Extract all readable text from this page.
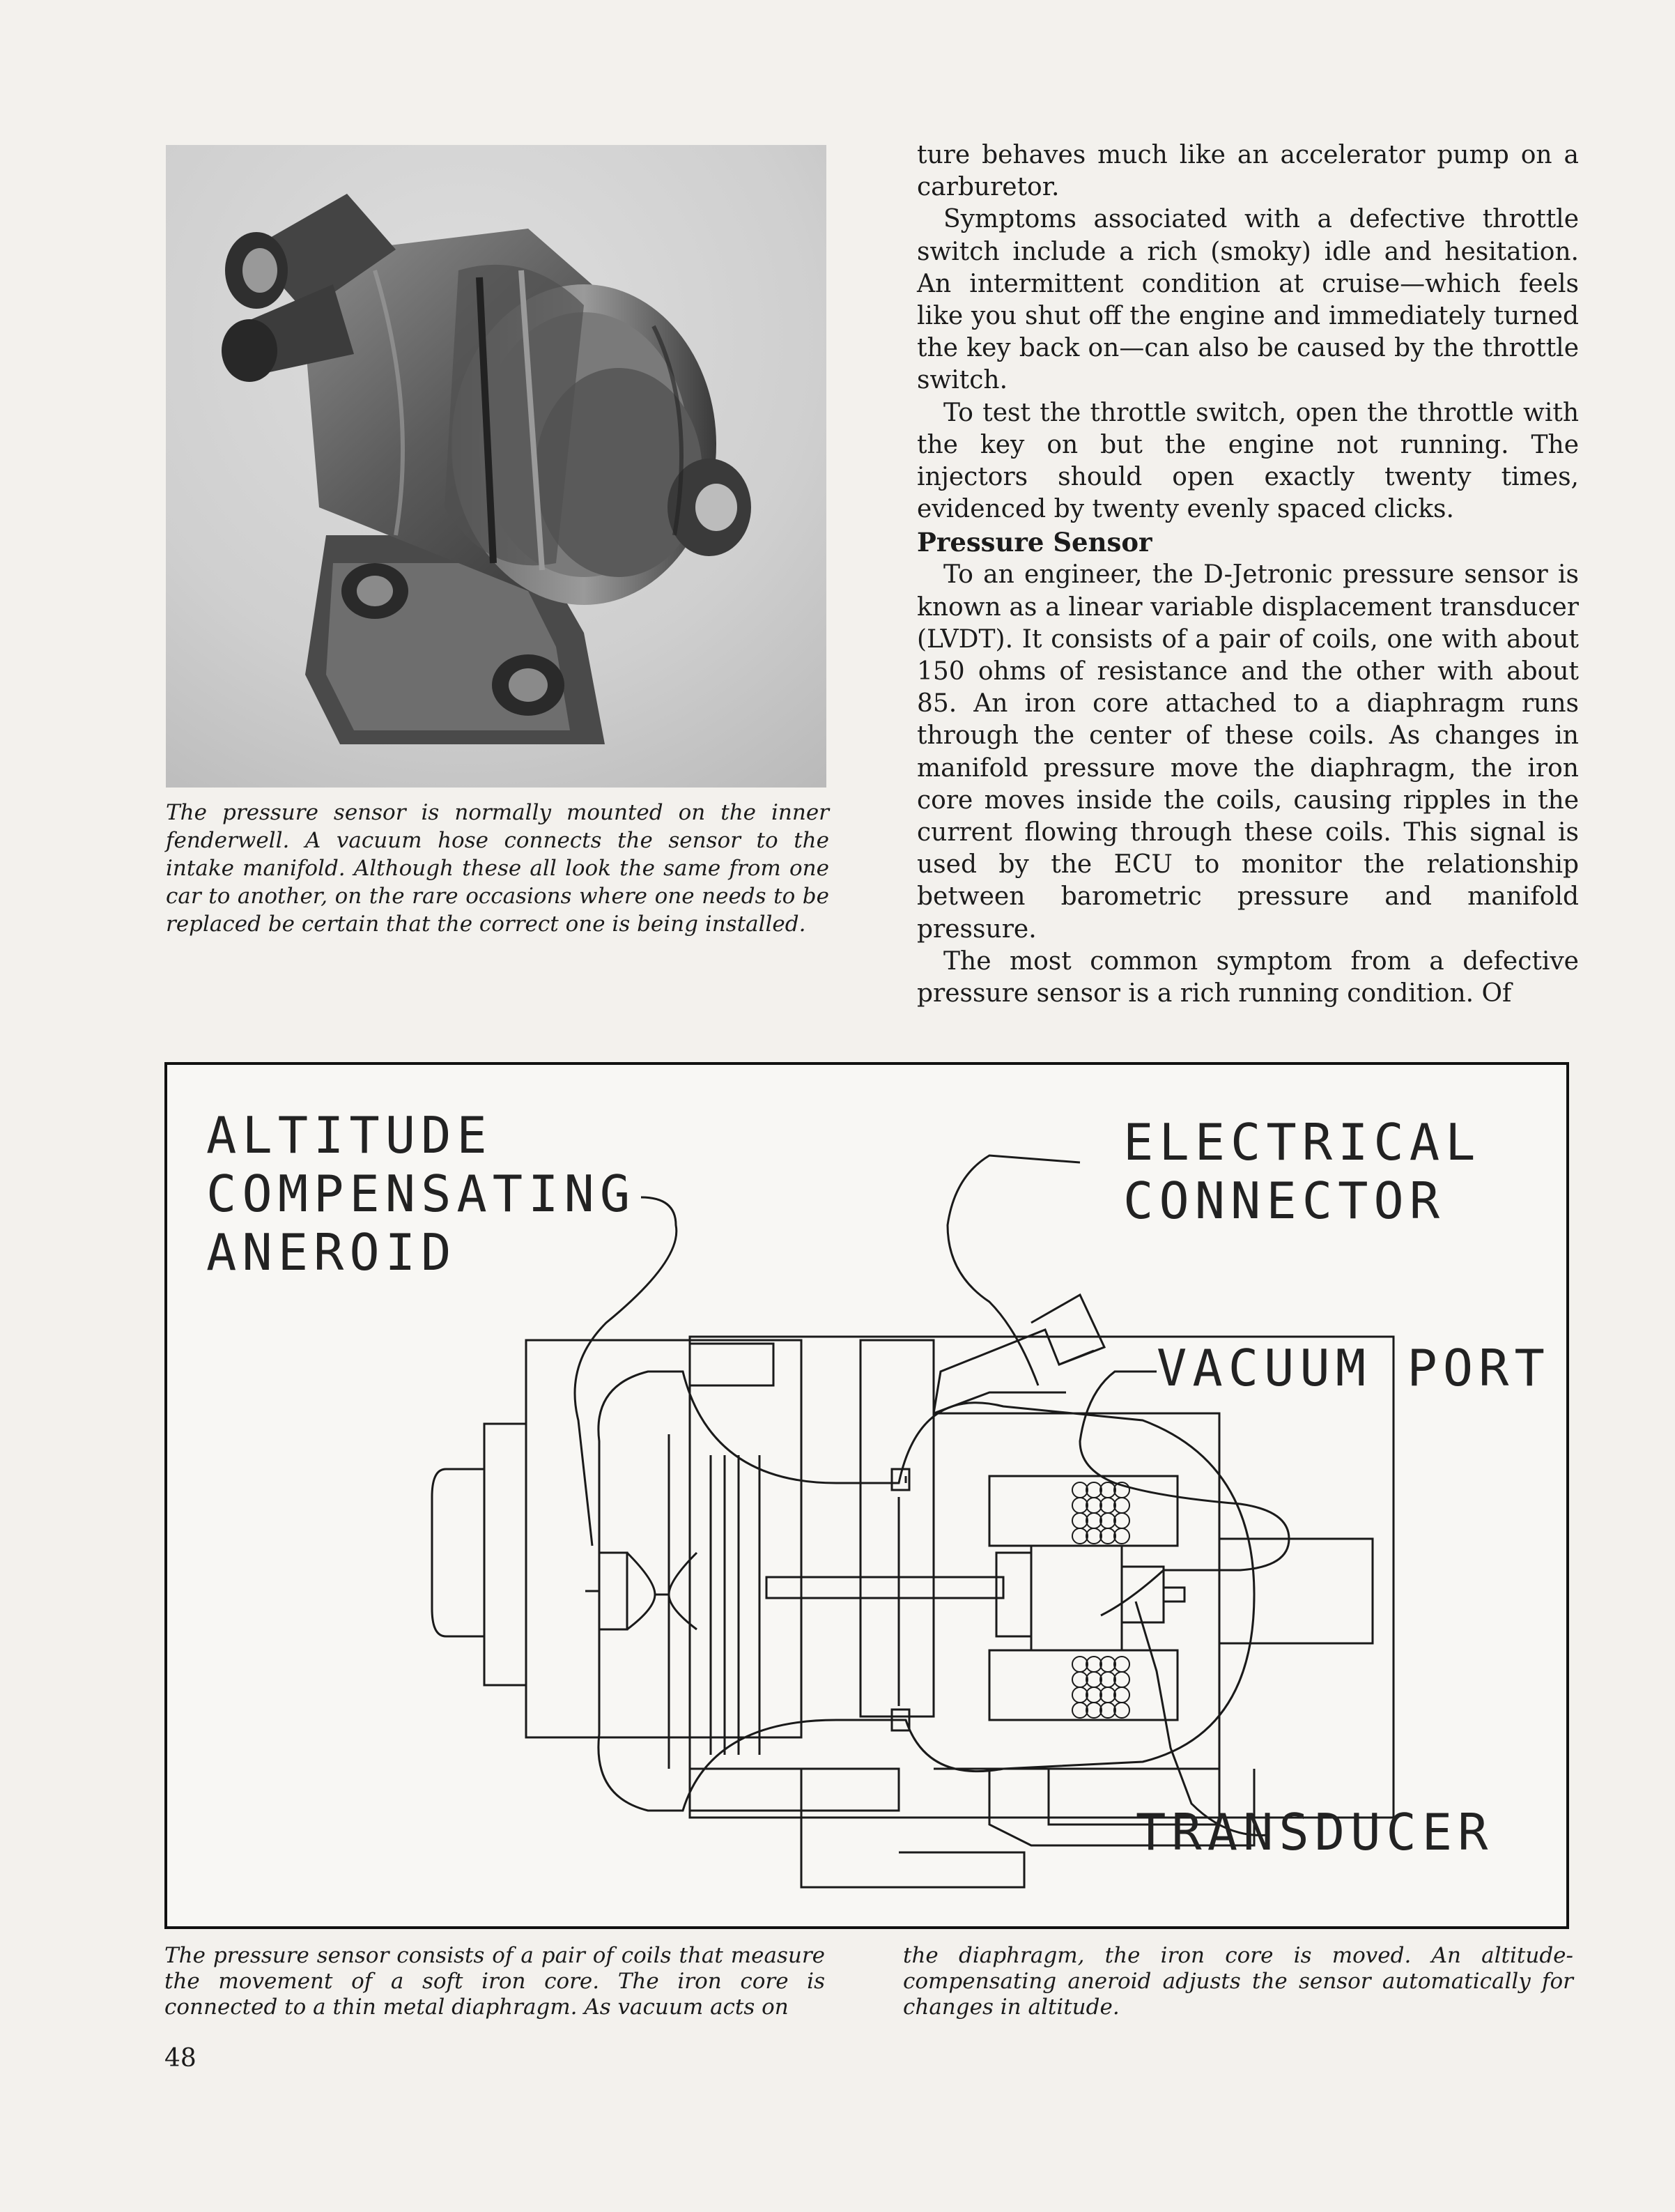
The pressure sensor is normally mounted on the inner fenderwell. A vacuum hose connects the sensor to the intake manifold. Although these all look the same from one car to another, on the rare occasions where one needs to be replaced be certain that the correct one is being installed.

ture behaves much like an accelerator pump on a carburetor.

Symptoms associated with a defective throttle switch include a rich (smoky) idle and hesitation. An intermittent condition at cruise—which feels like you shut off the engine and immediately turned the key back on—can also be caused by the throttle switch.

To test the throttle switch, open the throttle with the key on but the engine not running. The injectors should open exactly twenty times, evidenced by twenty evenly spaced clicks.

Pressure Sensor

To an engineer, the D-Jetronic pressure sensor is known as a linear variable displacement transducer (LVDT). It consists of a pair of coils, one with about 150 ohms of resistance and the other with about 85. An iron core attached to a diaphragm runs through the center of these coils. As changes in manifold pressure move the diaphragm, the iron core moves inside the coils, causing ripples in the current flowing through these coils. This signal is used by the ECU to monitor the relationship between barometric pressure and manifold pressure.

The most common symptom from a defective pressure sensor is a rich running condition. Of

ALTITUDE
COMPENSATING
ANEROID
ELECTRICAL
CONNECTOR
VACUUM PORT
TRANSDUCER
The pressure sensor consists of a pair of coils that measure the movement of a soft iron core. The iron core is connected to a thin metal diaphragm. As vacuum acts on
the diaphragm, the iron core is moved. An altitude-compensating aneroid adjusts the sensor automatically for changes in altitude.
48
